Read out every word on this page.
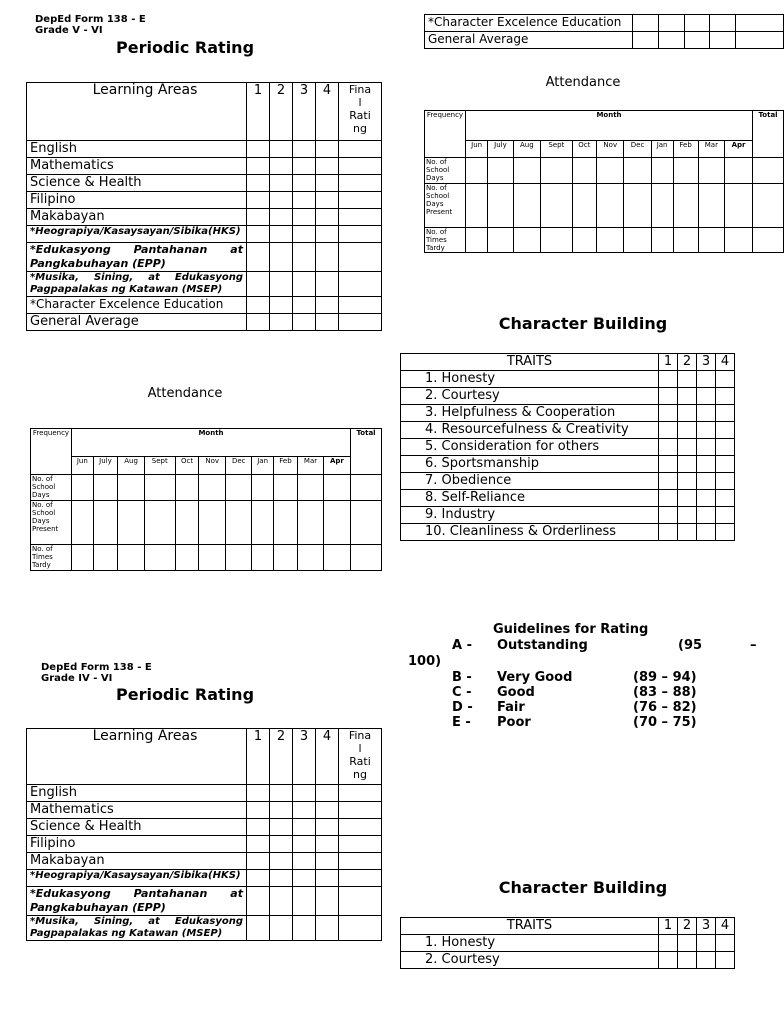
DepEd Form 138 - E
Grade V - VI
Periodic Rating
Learning Areas	1	2	3	4	Fina
l
Rati
ng
English					
Mathematics					
Science & Health					
Filipino					
Makabayan					
*Heograpiya/Kasaysayan/Sibika(HKS)					
*Edukasyong Pantahanan at Pangkabuhayan (EPP)					
*Musika, Sining, at Edukasyong Pagpapalakas ng Katawan (MSEP)					
*Character Excelence Education					
General Average					
Attendance
Frequency	Month											Total
	Jun	July	Aug	Sept	Oct	Nov	Dec	Jan	Feb	Mar	Apr	
No. of School Days												
No. of School Days Present												
No. of Times Tardy												
DepEd Form 138 - E
Grade IV - VI
Periodic Rating
Learning Areas	1	2	3	4	Fina
l
Rati
ng
English					
Mathematics					
Science & Health					
Filipino					
Makabayan					
*Heograpiya/Kasaysayan/Sibika(HKS)					
*Edukasyong Pantahanan at Pangkabuhayan (EPP)					
*Musika, Sining, at Edukasyong Pagpapalakas ng Katawan (MSEP)					
*Character Excelence Education					
General Average					
Attendance
Frequency	Month											Total
	Jun	July	Aug	Sept	Oct	Nov	Dec	Jan	Feb	Mar	Apr	
No. of School Days												
No. of School Days Present												
No. of Times Tardy												
Character Building
TRAITS	1	2	3	4
1. Honesty				
2. Courtesy				
3. Helpfulness & Cooperation				
4. Resourcefulness & Creativity				
5. Consideration for others				
6. Sportsmanship				
7. Obedience				
8. Self-Reliance				
9. Industry				
10. Cleanliness & Orderliness				
Guidelines for Rating
A - Outstanding	(95	–
100)
B - Very Good	(89 – 94)
C - Good	(83 – 88)
D - Fair	(76 – 82)
E - Poor	(70 – 75)
Character Building
TRAITS	1	2	3	4
1. Honesty				
2. Courtesy				
